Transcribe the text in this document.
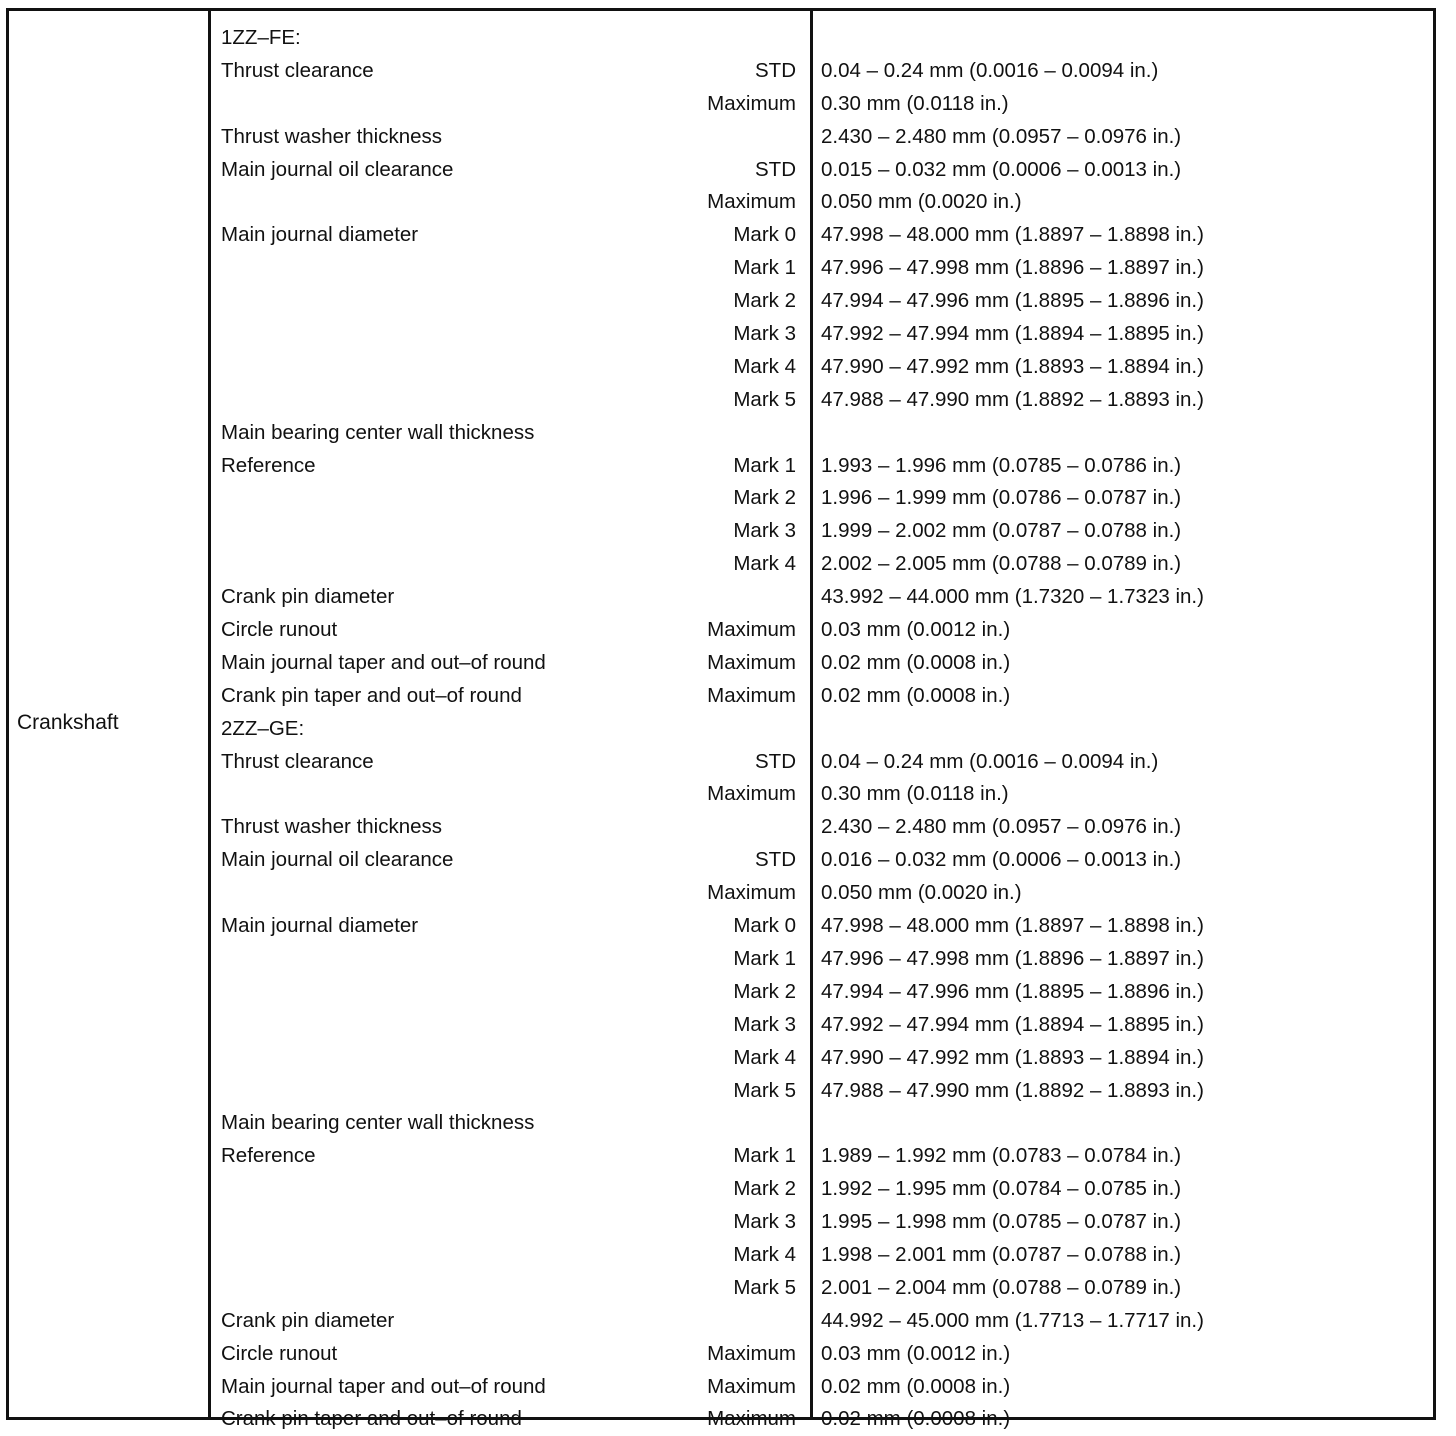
Crankshaft
1ZZ–FE:
Thrust clearance	STD 0.04 – 0.24 mm (0.0016 – 0.0094 in.)
Maximum 0.30 mm (0.0118 in.)
Thrust washer thickness	2.430 – 2.480 mm (0.0957 – 0.0976 in.)
Main journal oil clearance	STD 0.015 – 0.032 mm (0.0006 – 0.0013 in.)
Maximum 0.050 mm (0.0020 in.)
Main journal diameter	Mark 0 47.998 – 48.000 mm (1.8897 – 1.8898 in.)
Mark 1 47.996 – 47.998 mm (1.8896 – 1.8897 in.)
Mark 2 47.994 – 47.996 mm (1.8895 – 1.8896 in.)
Mark 3 47.992 – 47.994 mm (1.8894 – 1.8895 in.)
Mark 4 47.990 – 47.992 mm (1.8893 – 1.8894 in.)
Mark 5 47.988 – 47.990 mm (1.8892 – 1.8893 in.)
Main bearing center wall thickness
Reference	Mark 1 1.993 – 1.996 mm (0.0785 – 0.0786 in.)
Mark 2 1.996 – 1.999 mm (0.0786 – 0.0787 in.)
Mark 3 1.999 – 2.002 mm (0.0787 – 0.0788 in.)
Mark 4 2.002 – 2.005 mm (0.0788 – 0.0789 in.)
Crank pin diameter	43.992 – 44.000 mm (1.7320 – 1.7323 in.)
Circle runout	Maximum 0.03 mm (0.0012 in.)
Main journal taper and out–of round	Maximum 0.02 mm (0.0008 in.)
Crank pin taper and out–of round	Maximum 0.02 mm (0.0008 in.)
2ZZ–GE:
Thrust clearance	STD 0.04 – 0.24 mm (0.0016 – 0.0094 in.)
Maximum 0.30 mm (0.0118 in.)
Thrust washer thickness	2.430 – 2.480 mm (0.0957 – 0.0976 in.)
Main journal oil clearance	STD 0.016 – 0.032 mm (0.0006 – 0.0013 in.)
Maximum 0.050 mm (0.0020 in.)
Main journal diameter	Mark 0 47.998 – 48.000 mm (1.8897 – 1.8898 in.)
Mark 1 47.996 – 47.998 mm (1.8896 – 1.8897 in.)
Mark 2 47.994 – 47.996 mm (1.8895 – 1.8896 in.)
Mark 3 47.992 – 47.994 mm (1.8894 – 1.8895 in.)
Mark 4 47.990 – 47.992 mm (1.8893 – 1.8894 in.)
Mark 5 47.988 – 47.990 mm (1.8892 – 1.8893 in.)
Main bearing center wall thickness
Reference	Mark 1 1.989 – 1.992 mm (0.0783 – 0.0784 in.)
Mark 2 1.992 – 1.995 mm (0.0784 – 0.0785 in.)
Mark 3 1.995 – 1.998 mm (0.0785 – 0.0787 in.)
Mark 4 1.998 – 2.001 mm (0.0787 – 0.0788 in.)
Mark 5 2.001 – 2.004 mm (0.0788 – 0.0789 in.)
Crank pin diameter	44.992 – 45.000 mm (1.7713 – 1.7717 in.)
Circle runout	Maximum 0.03 mm (0.0012 in.)
Main journal taper and out–of round	Maximum 0.02 mm (0.0008 in.)
Crank pin taper and out–of round	Maximum 0.02 mm (0.0008 in.)
